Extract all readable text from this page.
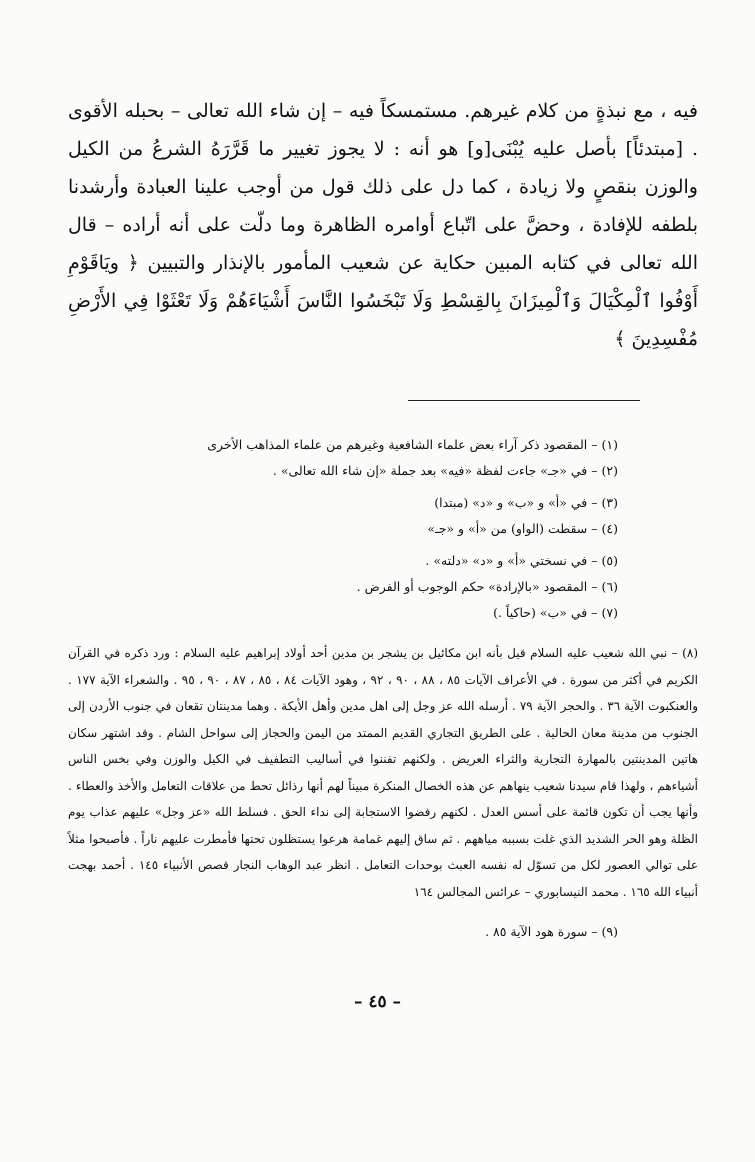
فيه ، مع نبذةٍ من كلام غيرهم. مستمسكاً فيه – إن شاء الله تعالى – بحبله الأقوى . [مبتدئاً] بأصل عليه يُبْنَى[و] هو أنه : لا يجوز تغيير ما قَرَّرَهُ الشرعُ من الكيل والوزن بنقصٍ ولا زيادة ، كما دل على ذلك قول من أوجب علينا العبادة وأرشدنا بلطفه للإفادة ، وحضَّ على اتّباع أوامره الظاهرة وما دلّت على أنه أراده – قال الله تعالى في كتابه المبين حكاية عن شعيب المأمور بالإنذار والتبيين ﴿ ويَاقَوْمِ أَوْفُوا ٱلْمِكْيَالَ وَٱلْمِيزَانَ بِالقِسْطِ وَلَا تَبْخَسُوا النَّاسَ أَشْيَاءَهُمْ وَلَا تَعْثَوْا فِي الأَرْضِ مُفْسِدِينَ ﴾

(١) – المقصود ذكر آراء بعض علماء الشافعية وغيرهم من علماء المذاهب الأخرى

(٢) – في «جـ» جاءت لفظة «فيه» بعد جملة «إن شاء الله تعالى» .

(٣) – في «أ» و «ب» و «د» (مبتدا)

(٤) – سقطت (الواو) من «أ» و «جـ»

(٥) – في نسختي «أ» و «د» «دلته» .

(٦) – المقصود «بالإرادة» حكم الوجوب أو الفرض .

(٧) – في «ب» (حاكياً .)

(٨) – نبي الله شعيب عليه السلام قيل بأنه ابن مكائيل بن يشجر بن مدين أحد أولاد إبراهيم عليه السلام : ورد ذكره في القرآن الكريم في أكثر من سورة . في الأعراف الآيات ٨٥ ، ٨٨ ، ٩٠ ، ٩٢ ، وهود الآيات ٨٤ ، ٨٥ ، ٨٧ ، ٩٠ ، ٩٥ . والشعراء الآية ١٧٧ . والعنكبوت الآية ٣٦ . والحجر الآية ٧٩ . أرسله الله عز وجل إلى اهل مدين وأهل الأيكة . وهما مدينتان تقعان في جنوب الأردن إلى الجنوب من مدينة معان الحالية . على الطريق التجاري القديم الممتد من اليمن والحجاز إلى سواحل الشام . وقد اشتهر سكان هاتين المدينتين بالمهارة التجارية والثراء العريض . ولكنهم تفننوا في أساليب التطفيف في الكيل والوزن وفي بخس الناس أشياءهم ، ولهذا قام سيدنا شعيب ينهاهم عن هذه الخصال المنكرة مبيناً لهم أنها رذائل تحط من علاقات التعامل والأخذ والعطاء . وأنها يجب أن تكون قائمة على أسس العدل . لكنهم رفضوا الاستجابة إلى نداء الحق . فسلط الله «عز وجل» عليهم عذاب يوم الظلة وهو الحر الشديد الذي غلت بسببه مياههم . ثم ساق إليهم غمامة هرعوا يستظلون تحتها فأمطرت عليهم ناراً . فأصبحوا مثلاً على توالي العصور لكل من تسوّل له نفسه العبث بوحدات التعامل . انظر عبد الوهاب النجار قصص الأنبياء ١٤٥ . أحمد بهجت أنبياء الله ١٦٥ . محمد النيسابوري – عرائس المجالس ١٦٤

(٩) – سورة هود الآية ٨٥ .

– ٤٥ –
